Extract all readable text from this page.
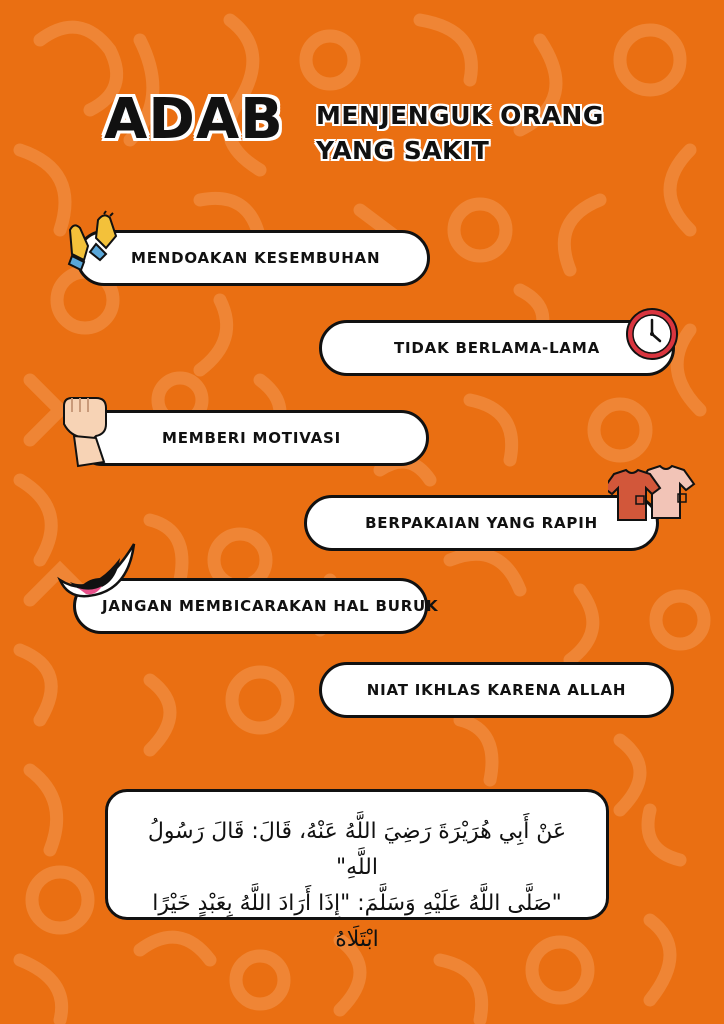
ADAB MENJENGUK ORANG
YANG SAKIT
MENDOAKAN KESEMBUHAN
TIDAK BERLAMA-LAMA
MEMBERI MOTIVASI
BERPAKAIAN YANG RAPIH
JANGAN MEMBICARAKAN HAL BURUK
NIAT IKHLAS KARENA ALLAH
عَنْ أَبِي هُرَيْرَةَ رَضِيَ اللَّهُ عَنْهُ، قَالَ: قَالَ رَسُولُ اللَّهِ"
"صَلَّى اللَّهُ عَلَيْهِ وَسَلَّمَ: "إِذَا أَرَادَ اللَّهُ بِعَبْدٍ خَيْرًا ابْتَلَاهُ
